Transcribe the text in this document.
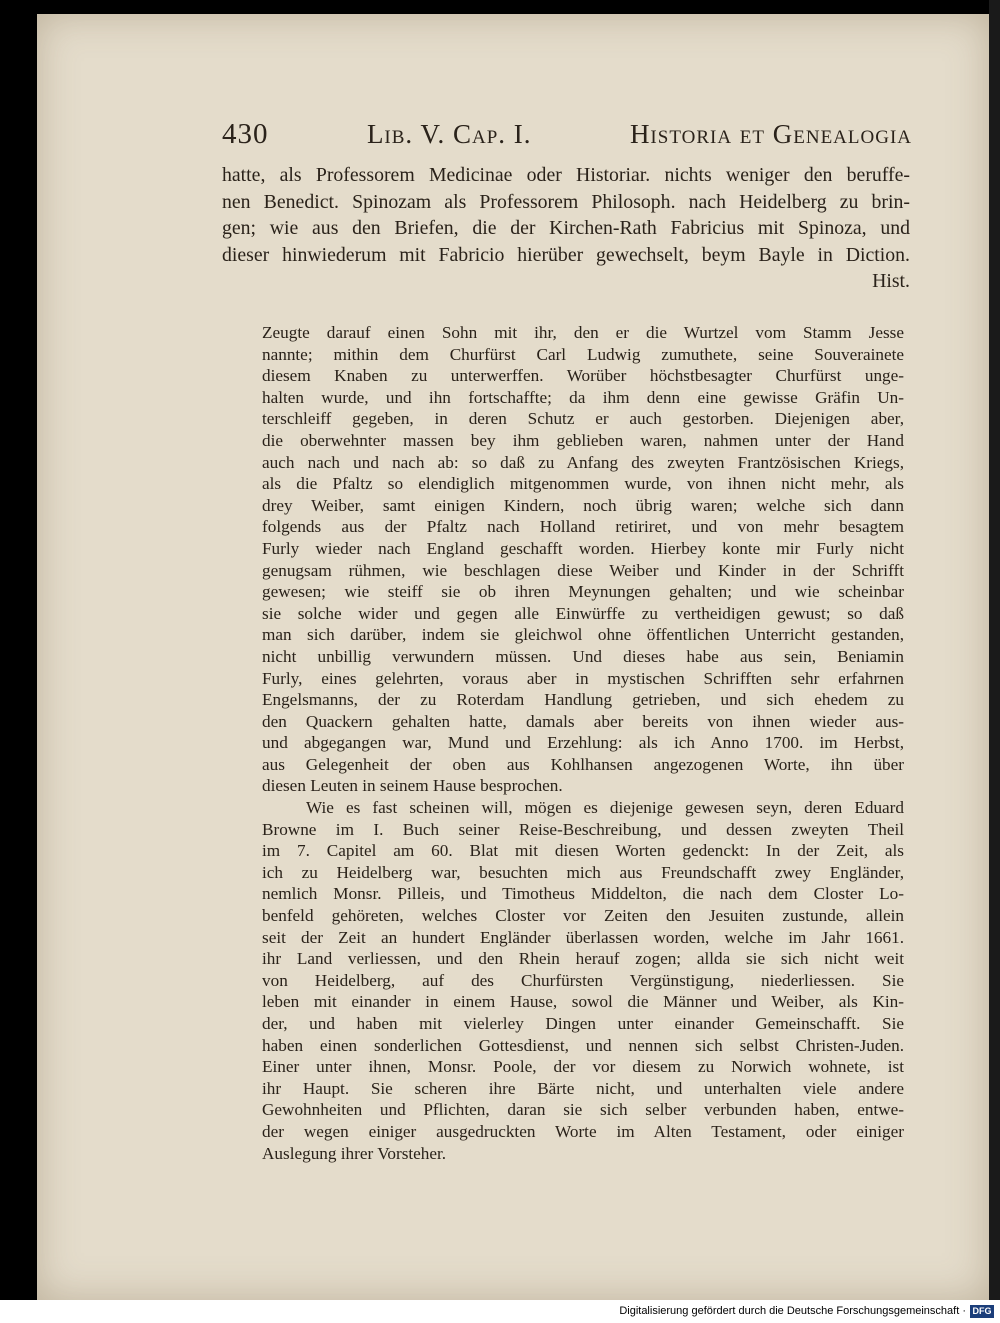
430	Lib. V. Cap. I.	Historia et Genealogia
hatte, als Professorem Medicinae oder Historiar. nichts weniger den beruffe-
nen Benedict. Spinozam als Professorem Philosoph. nach Heidelberg zu brin-
gen; wie aus den Briefen, die der Kirchen-Rath Fabricius mit Spinoza, und
dieser hinwiederum mit Fabricio hierüber gewechselt, beym Bayle in Diction.
Hist.
Zeugte darauf einen Sohn mit ihr, den er die Wurtzel vom Stamm Jesse
nannte; mithin dem Churfürst Carl Ludwig zumuthete, seine Souverainete
diesem Knaben zu unterwerffen. Worüber höchstbesagter Churfürst unge-
halten wurde, und ihn fortschaffte; da ihm denn eine gewisse Gräfin Un-
terschleiff gegeben, in deren Schutz er auch gestorben. Diejenigen aber,
die oberwehnter massen bey ihm geblieben waren, nahmen unter der Hand
auch nach und nach ab: so daß zu Anfang des zweyten Frantzösischen Kriegs,
als die Pfaltz so elendiglich mitgenommen wurde, von ihnen nicht mehr, als
drey Weiber, samt einigen Kindern, noch übrig waren; welche sich dann
folgends aus der Pfaltz nach Holland retiriret, und von mehr besagtem
Furly wieder nach England geschafft worden. Hierbey konte mir Furly nicht
genugsam rühmen, wie beschlagen diese Weiber und Kinder in der Schrifft
gewesen; wie steiff sie ob ihren Meynungen gehalten; und wie scheinbar
sie solche wider und gegen alle Einwürffe zu vertheidigen gewust; so daß
man sich darüber, indem sie gleichwol ohne öffentlichen Unterricht gestanden,
nicht unbillig verwundern müssen. Und dieses habe aus sein, Beniamin
Furly, eines gelehrten, voraus aber in mystischen Schrifften sehr erfahrnen
Engelsmanns, der zu Roterdam Handlung getrieben, und sich ehedem zu
den Quackern gehalten hatte, damals aber bereits von ihnen wieder aus-
und abgegangen war, Mund und Erzehlung: als ich Anno 1700. im Herbst,
aus Gelegenheit der oben aus Kohlhansen angezogenen Worte, ihn über
diesen Leuten in seinem Hause besprochen.
Wie es fast scheinen will, mögen es diejenige gewesen seyn, deren Eduard
Browne im I. Buch seiner Reise-Beschreibung, und dessen zweyten Theil
im 7. Capitel am 60. Blat mit diesen Worten gedenckt: In der Zeit, als
ich zu Heidelberg war, besuchten mich aus Freundschafft zwey Engländer,
nemlich Monsr. Pilleis, und Timotheus Middelton, die nach dem Closter Lo-
benfeld gehöreten, welches Closter vor Zeiten den Jesuiten zustunde, allein
seit der Zeit an hundert Engländer überlassen worden, welche im Jahr 1661.
ihr Land verliessen, und den Rhein herauf zogen; allda sie sich nicht weit
von Heidelberg, auf des Churfürsten Vergünstigung, niederliessen. Sie
leben mit einander in einem Hause, sowol die Männer und Weiber, als Kin-
der, und haben mit vielerley Dingen unter einander Gemeinschafft. Sie
haben einen sonderlichen Gottesdienst, und nennen sich selbst Christen-Juden.
Einer unter ihnen, Monsr. Poole, der vor diesem zu Norwich wohnete, ist
ihr Haupt. Sie scheren ihre Bärte nicht, und unterhalten viele andere
Gewohnheiten und Pflichten, daran sie sich selber verbunden haben, entwe-
der wegen einiger ausgedruckten Worte im Alten Testament, oder einiger
Auslegung ihrer Vorsteher.
Digitalisierung gefördert durch die Deutsche Forschungsgemeinschaft · DFG
